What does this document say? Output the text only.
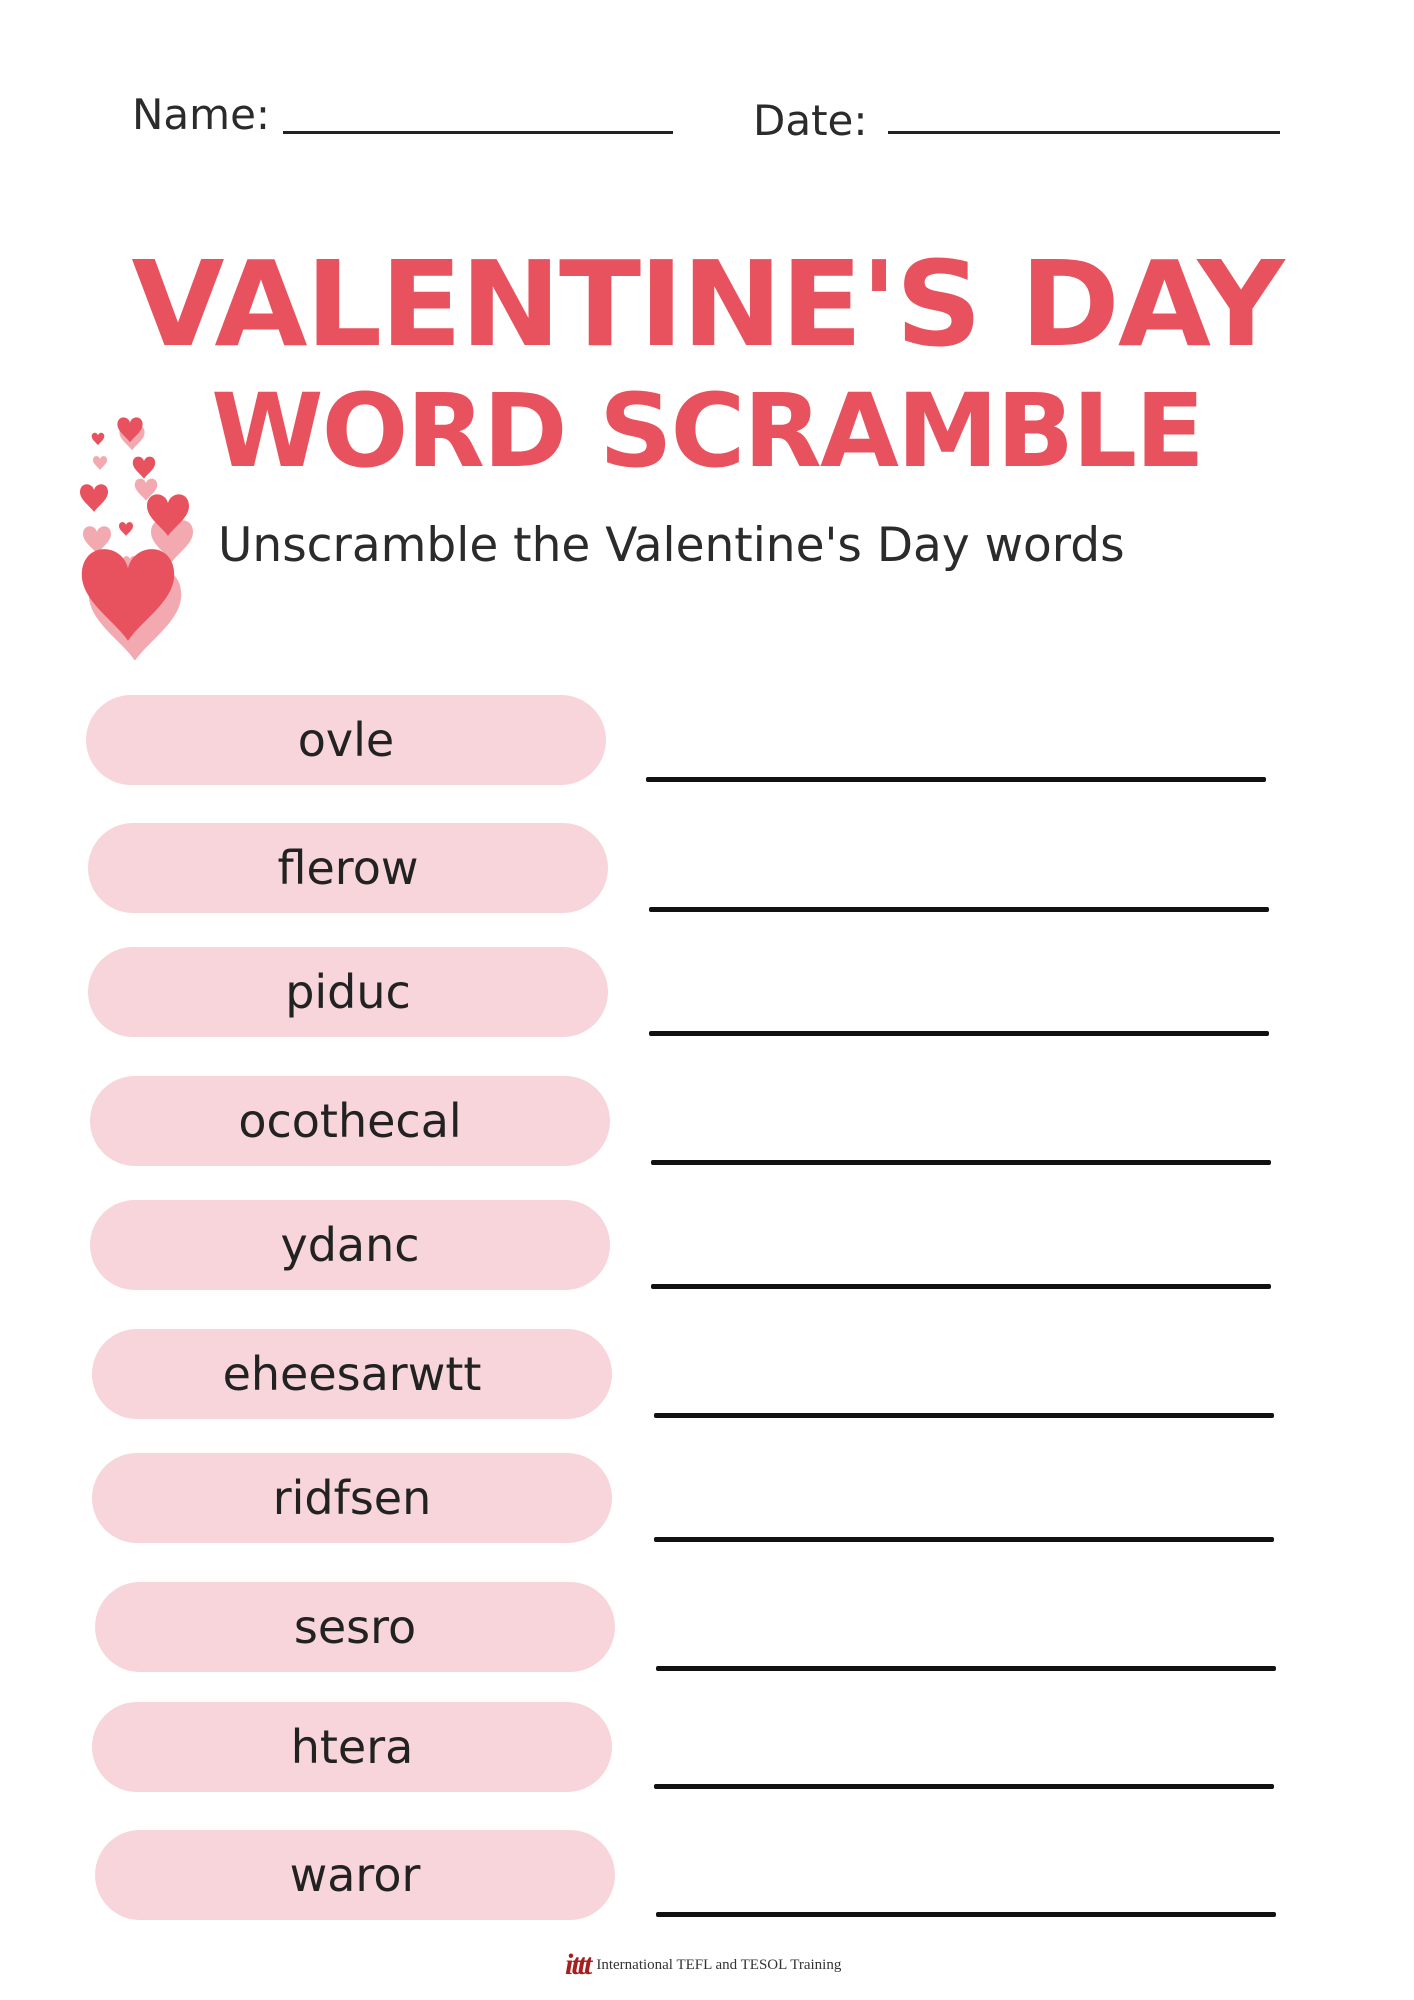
Name:	Date:
VALENTINE'S DAY
WORD SCRAMBLE
Unscramble the Valentine's Day words
ovle
flerow
piduc
ocothecal
ydanc
eheesarwtt
ridfsen
sesro
htera
waror
ittt International TEFL and TESOL Training
